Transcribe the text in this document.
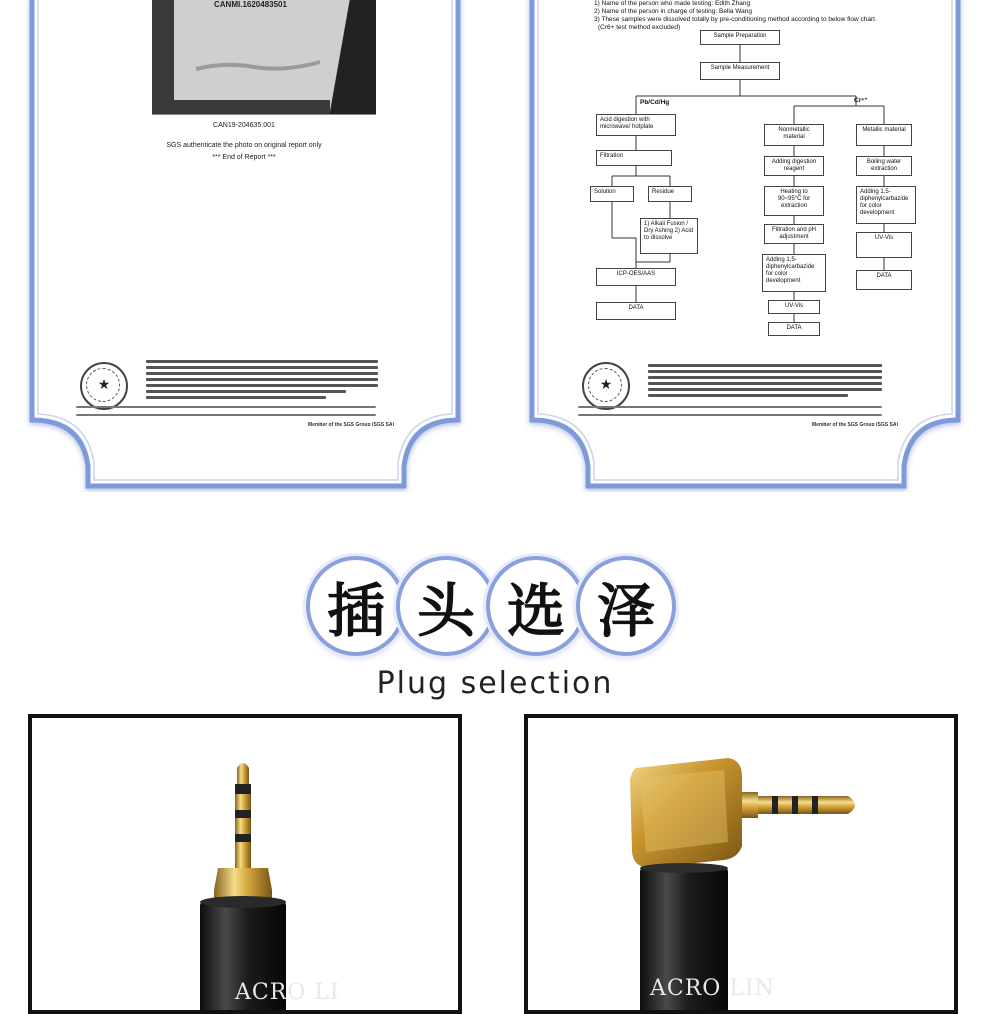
CANMI.1620483501
CAN19-204635.001
SGS authenticate the photo on original report only
*** End of Report ***
★
Member of the SGS Group (SGS SA)
1) Name of the person who made testing: Edith Zhang
2) Name of the person in charge of testing: Bella Wang
3) These samples were dissolved totally by pre-conditioning method according to below flow chart.
(Cr6+ test method excluded)
Sample Preparation
Sample Measurement
Pb/Cd/Hg	Cr⁶⁺
Acid digestion with microwave/ hotplate
Filtration
Solution	Residue
1) Alkali Fusion / Dry Ashing 2) Acid to dissolve
ICP-OES/AAS
DATA
Nonmetallic material
Metallic material
Adding digestion reagent
Boiling water extraction
Heating to 90~95°C for extraction
Adding 1,5-diphenylcarbazide for color development
Filtration and pH adjustment	UV-Vis
Adding 1,5-diphenylcarbazide for color development
DATA
UV-Vis
DATA
★
Member of the SGS Group (SGS SA)
插 头 选 泽
Plug selection
ACRO LI	ACRO LIN
